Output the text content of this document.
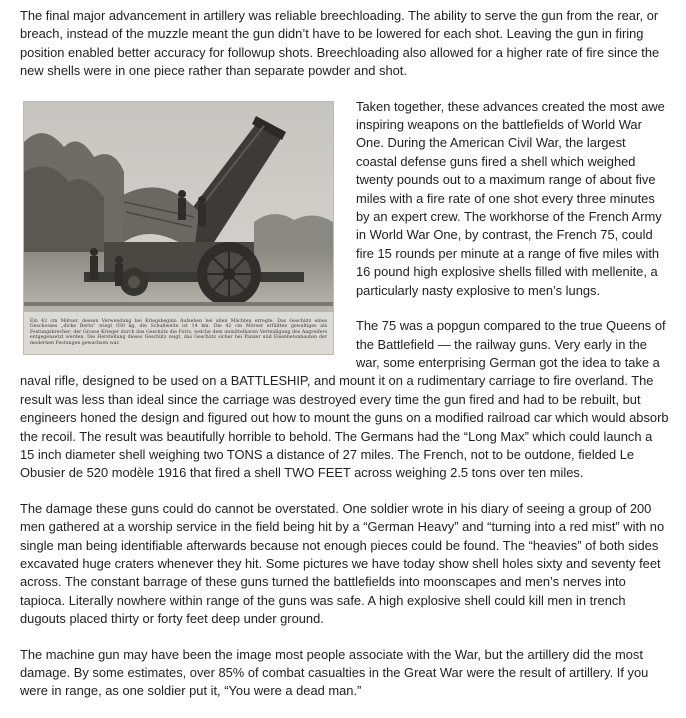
The final major advancement in artillery was reliable breechloading. The ability to serve the gun from the rear, or breach, instead of the muzzle meant the gun didn’t have to be lowered for each shot. Leaving the gun in firing position enabled better accuracy for followup shots. Breechloading also allowed for a higher rate of fire since the new shells were in one piece rather than separate powder and shot.

Ein 42 cm Mörser, dessen Verwendung bei Kriegsbeginn Aufsehen bei allen Mächten erregte. Das Geschütz eines Geschosses „dicke Berta“ wiegt 930 kg, die Schußweite ist 14 km. Die 42 cm Mörser erfüllten gewaltiges als Festungsbrecher; der Grosse Krieger durch das Geschütz die Forts, welche dem unmittelbaren Verteidigung des Angreifers entgegensetzt werden. Die Herstellung dieses Geschütz zeigt, das Geschütz sicher bei Panzer und Eisenbetonbauten der modernen Festungen gewachsen war.

Taken together, these advances created the most awe inspiring weapons on the battlefields of World War One. During the American Civil War, the largest coastal defense guns fired a shell which weighed twenty pounds out to a maximum range of about five miles with a fire rate of one shot every three minutes by an expert crew. The workhorse of the French Army in World War One, by contrast, the French 75, could fire 15 rounds per minute at a range of five miles with 16 pound high explosive shells filled with mellenite, a particularly nasty explosive to men’s lungs.

The 75 was a popgun compared to the true Queens of the Battlefield — the railway guns. Very early in the war, some enterprising German got the idea to take a naval rifle, designed to be used on a BATTLESHIP, and mount it on a rudimentary carriage to fire overland. The result was less than ideal since the carriage was destroyed every time the gun fired and had to be rebuilt, but engineers honed the design and figured out how to mount the guns on a modified railroad car which would absorb the recoil. The result was beautifully horrible to behold. The Germans had the “Long Max” which could launch a 15 inch diameter shell weighing two TONS a distance of 27 miles. The French, not to be outdone, fielded Le Obusier de 520 modèle 1916 that fired a shell TWO FEET across weighing 2.5 tons over ten miles.

The damage these guns could do cannot be overstated. One soldier wrote in his diary of seeing a group of 200 men gathered at a worship service in the field being hit by a “German Heavy” and “turning into a red mist” with no single man being identifiable afterwards because not enough pieces could be found. The “heavies” of both sides excavated huge craters whenever they hit. Some pictures we have today show shell holes sixty and seventy feet across. The constant barrage of these guns turned the battlefields into moonscapes and men’s nerves into tapioca. Literally nowhere within range of the guns was safe. A high explosive shell could kill men in trench dugouts placed thirty or forty feet deep under ground.

The machine gun may have been the image most people associate with the War, but the artillery did the most damage. By some estimates, over 85% of combat casualties in the Great War were the result of artillery. If you were in range, as one soldier put it, “You were a dead man.”
